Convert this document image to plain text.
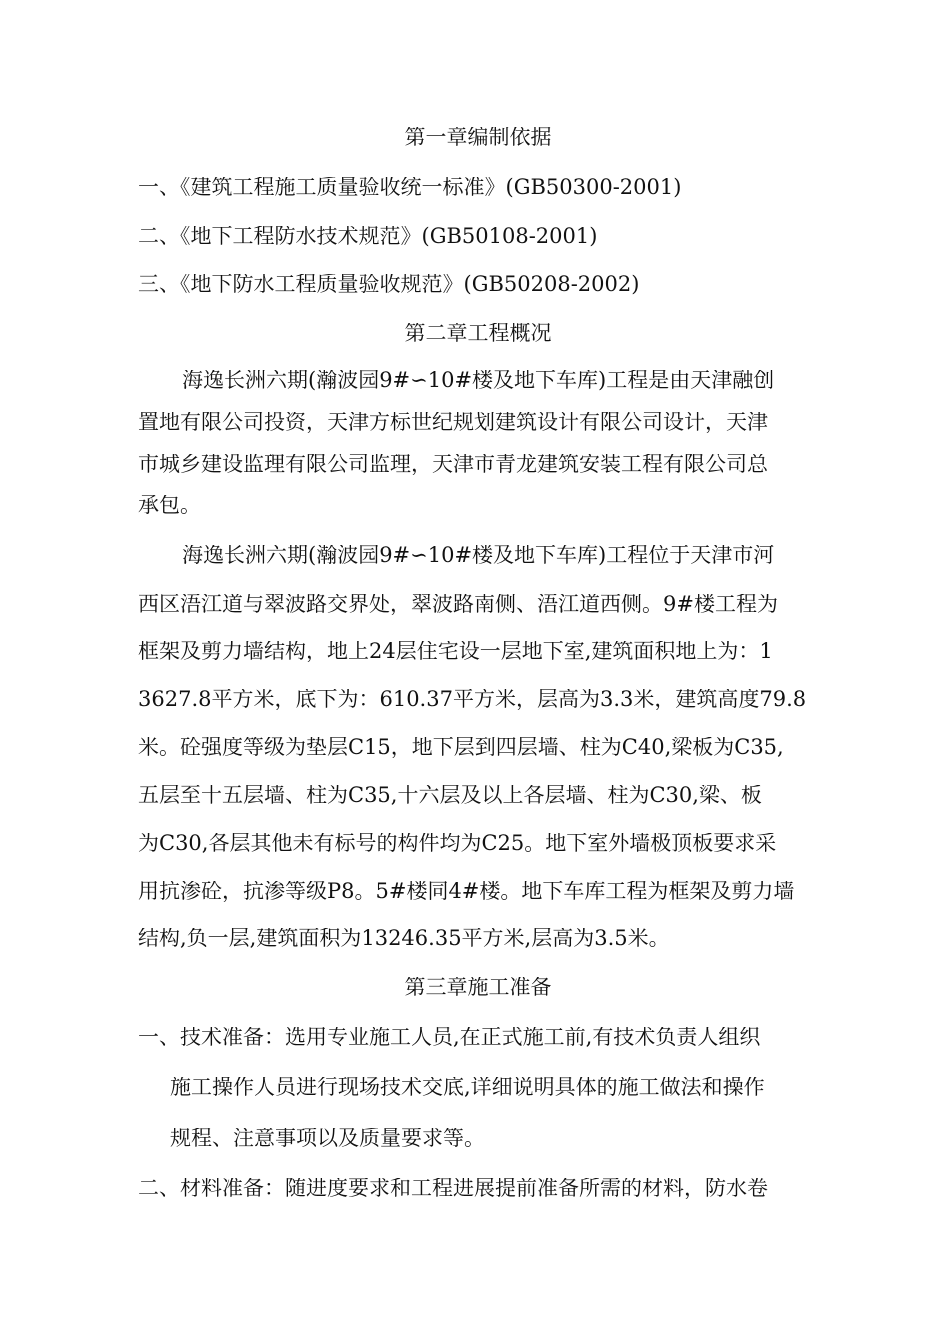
第一章编制依据
一、《建筑工程施工质量验收统一标准》(GB50300-2001)
二、《地下工程防水技术规范》(GB50108-2001)
三、《地下防水工程质量验收规范》(GB50208-2002)
第二章工程概况
海逸长洲六期(瀚波园9#∽10#楼及地下车库)工程是由天津融创
置地有限公司投资，天津方标世纪规划建筑设计有限公司设计，天津
市城乡建设监理有限公司监理，天津市青龙建筑安装工程有限公司总
承包。
海逸长洲六期(瀚波园9#∽10#楼及地下车库)工程位于天津市河
西区浯江道与翠波路交界处，翠波路南侧、浯江道西侧。9#楼工程为
框架及剪力墙结构，地上24层住宅设一层地下室,建筑面积地上为：1
3627.8平方米，底下为：610.37平方米，层高为3.3米，建筑高度79.8
米。砼强度等级为垫层C15，地下层到四层墙、柱为C40,梁板为C35,
五层至十五层墙、柱为C35,十六层及以上各层墙、柱为C30,梁、板
为C30,各层其他未有标号的构件均为C25。地下室外墙极顶板要求采
用抗渗砼，抗渗等级P8。5#楼同4#楼。地下车库工程为框架及剪力墙
结构,负一层,建筑面积为13246.35平方米,层高为3.5米。
第三章施工准备
一、技术准备：选用专业施工人员,在正式施工前,有技术负责人组织
施工操作人员进行现场技术交底,详细说明具体的施工做法和操作
规程、注意事项以及质量要求等。
二、材料准备：随进度要求和工程进展提前准备所需的材料，防水卷
